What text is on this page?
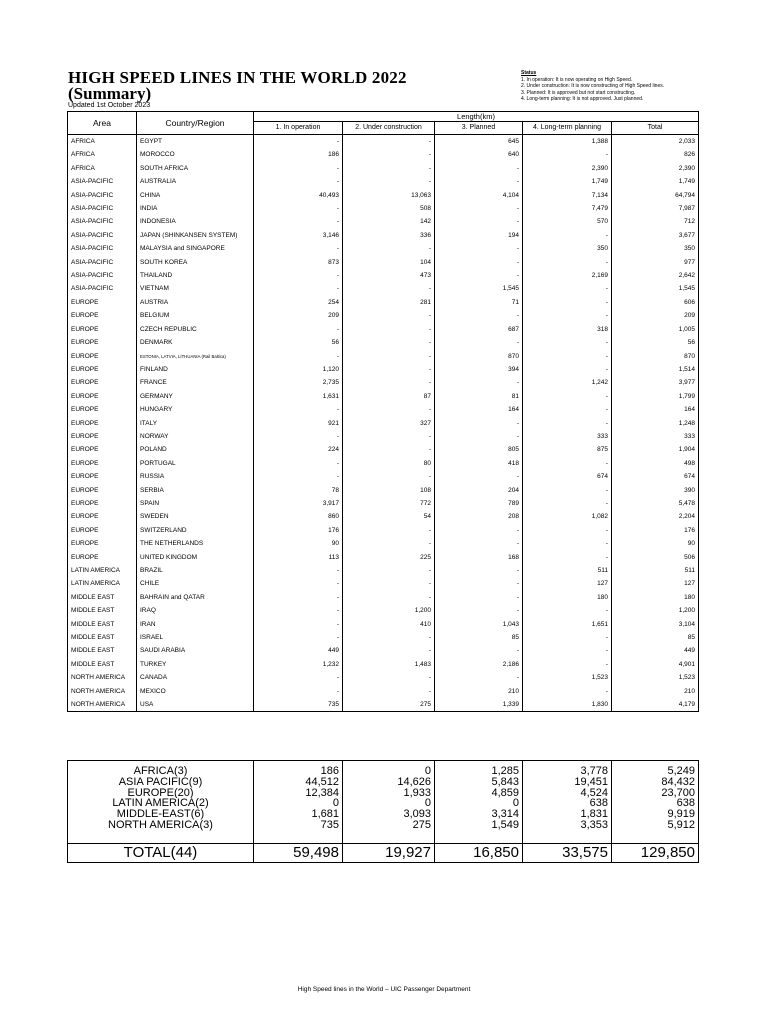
HIGH SPEED LINES IN THE WORLD 2022
(Summary)
Updated 1st October 2023
Status
1. In operation: It is now operating on High Speed.
2. Under construction: It is now constructing of High Speed lines.
3. Planned: It is approved but not start constructing.
4. Long-term planning: It is not approved. Just planned.
Area	Country/Region	Length(km)				
		1. In operation	2. Under construction	3. Planned	4. Long-term planning	Total
AFRICA	EGYPT	-	-	645	1,388	2,033
AFRICA	MOROCCO	186	-	640	-	826
AFRICA	SOUTH AFRICA	-	-	-	2,390	2,390
ASIA-PACIFIC	AUSTRALIA	-	-	-	1,749	1,749
ASIA-PACIFIC	CHINA	40,493	13,063	4,104	7,134	64,794
ASIA-PACIFIC	INDIA	-	508	-	7,479	7,987
ASIA-PACIFIC	INDONESIA	-	142	-	570	712
ASIA-PACIFIC	JAPAN (SHINKANSEN SYSTEM)	3,146	336	194	-	3,677
ASIA-PACIFIC	MALAYSIA and SINGAPORE	-	-	-	350	350
ASIA-PACIFIC	SOUTH KOREA	873	104	-	-	977
ASIA-PACIFIC	THAILAND	-	473	-	2,169	2,642
ASIA-PACIFIC	VIETNAM	-	-	1,545	-	1,545
EUROPE	AUSTRIA	254	281	71	-	606
EUROPE	BELGIUM	209	-	-	-	209
EUROPE	CZECH REPUBLIC	-	-	687	318	1,005
EUROPE	DENMARK	56	-	-	-	56
EUROPE	ESTONIA, LATVIA, LITHUANIA (Rail Baltica)	-	-	870	-	870
EUROPE	FINLAND	1,120	-	394	-	1,514
EUROPE	FRANCE	2,735	-	-	1,242	3,977
EUROPE	GERMANY	1,631	87	81	-	1,799
EUROPE	HUNGARY	-	-	164	-	164
EUROPE	ITALY	921	327	-	-	1,248
EUROPE	NORWAY	-	-	-	333	333
EUROPE	POLAND	224	-	805	875	1,904
EUROPE	PORTUGAL	-	80	418	-	498
EUROPE	RUSSIA	-	-	-	674	674
EUROPE	SERBIA	78	108	204	-	390
EUROPE	SPAIN	3,917	772	789	-	5,478
EUROPE	SWEDEN	860	54	208	1,082	2,204
EUROPE	SWITZERLAND	176	-	-	-	176
EUROPE	THE NETHERLANDS	90	-	-	-	90
EUROPE	UNITED KINGDOM	113	225	168	-	506
LATIN AMERICA	BRAZIL	-	-	-	511	511
LATIN AMERICA	CHILE	-	-	-	127	127
MIDDLE EAST	BAHRAIN and QATAR	-	-	-	180	180
MIDDLE EAST	IRAQ	-	1,200	-	-	1,200
MIDDLE EAST	IRAN	-	410	1,043	1,651	3,104
MIDDLE EAST	ISRAEL	-	-	85	-	85
MIDDLE EAST	SAUDI ARABIA	449	-	-	-	449
MIDDLE EAST	TURKEY	1,232	1,483	2,186	-	4,901
NORTH AMERICA	CANADA	-	-	-	1,523	1,523
NORTH AMERICA	MEXICO	-	-	210	-	210
NORTH AMERICA	USA	735	275	1,339	1,830	4,179

AFRICA(3)	186	0	1,285	3,778	5,249
ASIA PACIFIC(9)	44,512	14,626	5,843	19,451	84,432
EUROPE(20)	12,384	1,933	4,859	4,524	23,700
LATIN AMERICA(2)	0	0	0	638	638
MIDDLE-EAST(6)	1,681	3,093	3,314	1,831	9,919
NORTH AMERICA(3)	735	275	1,549	3,353	5,912

TOTAL(44)	59,498	19,927	16,850	33,575	129,850
High Speed lines in the World – UIC Passenger Department
